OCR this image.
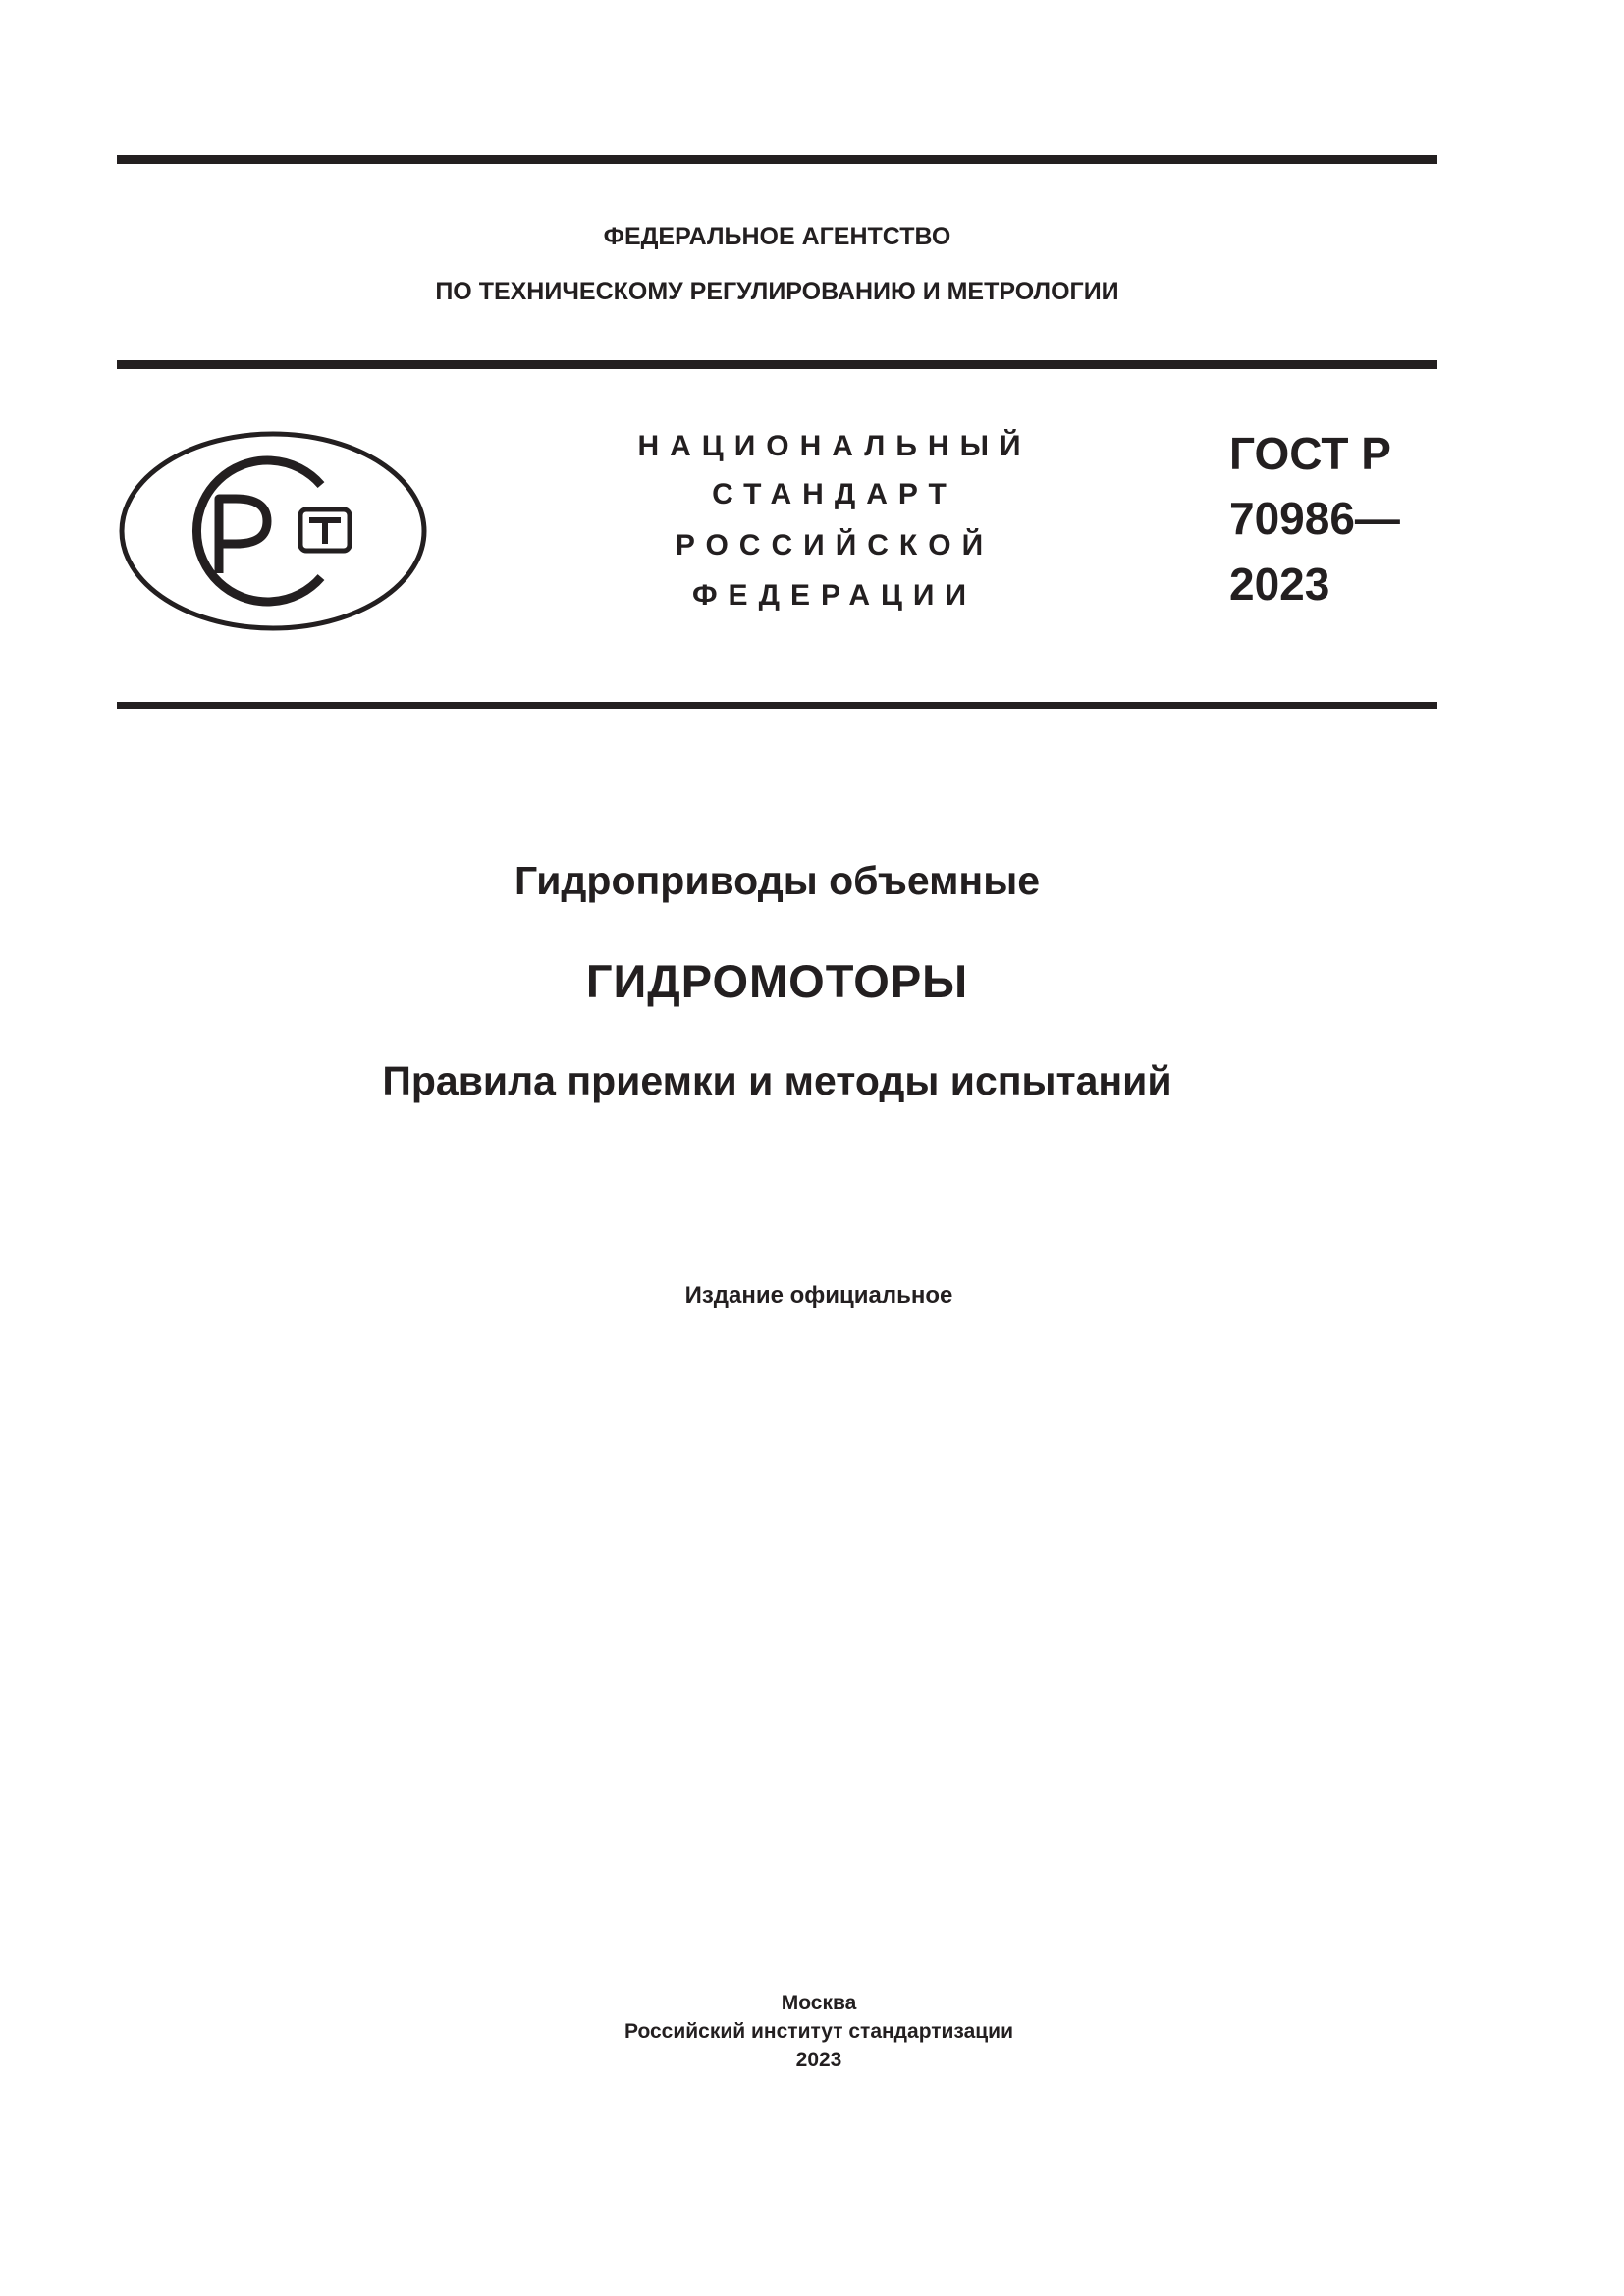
ФЕДЕРАЛЬНОЕ АГЕНТСТВО
ПО ТЕХНИЧЕСКОМУ РЕГУЛИРОВАНИЮ И МЕТРОЛОГИИ
НАЦИОНАЛЬНЫЙ
СТАНДАРТ
РОССИЙСКОЙ
ФЕДЕРАЦИИ
ГОСТ Р
70986—
2023
Гидроприводы объемные
ГИДРОМОТОРЫ
Правила приемки и методы испытаний
Издание официальное
Москва
Российский институт стандартизации
2023
